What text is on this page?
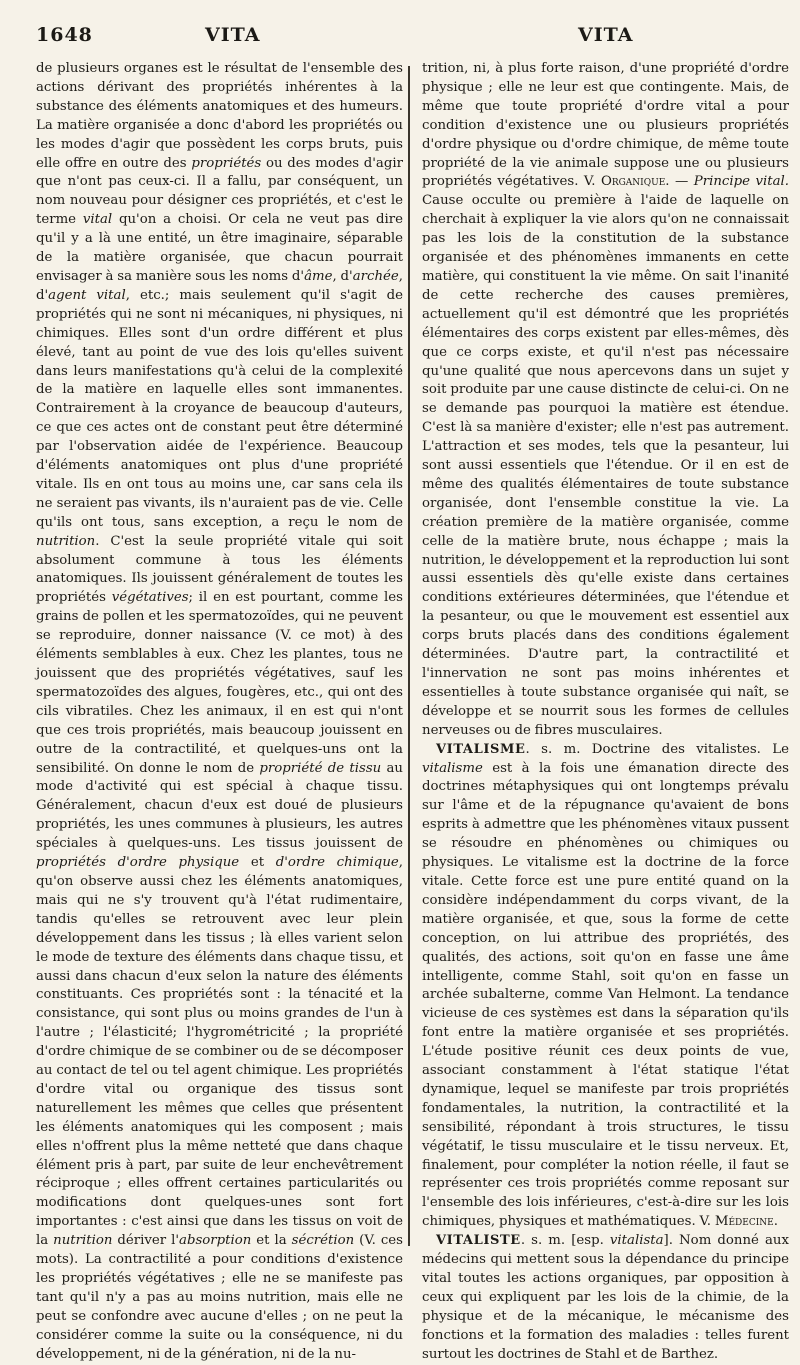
1648	VITA	VITA

de plusieurs organes est le résultat de l'ensemble des actions dérivant des propriétés inhérentes à la substance des éléments anatomiques et des humeurs. La matière organisée a donc d'abord les propriétés ou les modes d'agir que possèdent les corps bruts, puis elle offre en outre des propriétés ou des modes d'agir que n'ont pas ceux-ci. Il a fallu, par conséquent, un nom nouveau pour désigner ces propriétés, et c'est le terme vital qu'on a choisi. Or cela ne veut pas dire qu'il y a là une entité, un être imaginaire, séparable de la matière organisée, que chacun pourrait envisager à sa manière sous les noms d'âme, d'archée, d'agent vital, etc.; mais seulement qu'il s'agit de propriétés qui ne sont ni mécaniques, ni physiques, ni chimiques. Elles sont d'un ordre différent et plus élevé, tant au point de vue des lois qu'elles suivent dans leurs manifestations qu'à celui de la complexité de la matière en laquelle elles sont immanentes. Contrairement à la croyance de beaucoup d'auteurs, ce que ces actes ont de constant peut être déterminé par l'observation aidée de l'expérience. Beaucoup d'éléments anatomiques ont plus d'une propriété vitale. Ils en ont tous au moins une, car sans cela ils ne seraient pas vivants, ils n'auraient pas de vie. Celle qu'ils ont tous, sans exception, a reçu le nom de nutrition. C'est la seule propriété vitale qui soit absolument commune à tous les éléments anatomiques. Ils jouissent généralement de toutes les propriétés végétatives; il en est pourtant, comme les grains de pollen et les spermatozoïdes, qui ne peuvent se reproduire, donner naissance (V. ce mot) à des éléments semblables à eux. Chez les plantes, tous ne jouissent que des propriétés végétatives, sauf les spermatozoïdes des algues, fougères, etc., qui ont des cils vibratiles. Chez les animaux, il en est qui n'ont que ces trois propriétés, mais beaucoup jouissent en outre de la contractilité, et quelques-uns ont la sensibilité. On donne le nom de propriété de tissu au mode d'activité qui est spécial à chaque tissu. Généralement, chacun d'eux est doué de plusieurs propriétés, les unes communes à plusieurs, les autres spéciales à quelques-uns. Les tissus jouissent de propriétés d'ordre physique et d'ordre chimique, qu'on observe aussi chez les éléments anatomiques, mais qui ne s'y trouvent qu'à l'état rudimentaire, tandis qu'elles se retrouvent avec leur plein développement dans les tissus ; là elles varient selon le mode de texture des éléments dans chaque tissu, et aussi dans chacun d'eux selon la nature des éléments constituants. Ces propriétés sont : la ténacité et la consistance, qui sont plus ou moins grandes de l'un à l'autre ; l'élasticité; l'hygrométricité ; la propriété d'ordre chimique de se combiner ou de se décomposer au contact de tel ou tel agent chimique. Les propriétés d'ordre vital ou organique des tissus sont naturellement les mêmes que celles que présentent les éléments anatomiques qui les composent ; mais elles n'offrent plus la même netteté que dans chaque élément pris à part, par suite de leur enchevêtrement réciproque ; elles offrent certaines particularités ou modifications dont quelques-unes sont fort importantes : c'est ainsi que dans les tissus on voit de la nutrition dériver l'absorption et la sécrétion (V. ces mots). La contractilité a pour conditions d'existence les propriétés végétatives ; elle ne se manifeste pas tant qu'il n'y a pas au moins nutrition, mais elle ne peut se confondre avec aucune d'elles ; on ne peut la considérer comme la suite ou la conséquence, ni du développement, ni de la génération, ni de la nu-

trition, ni, à plus forte raison, d'une propriété d'ordre physique ; elle ne leur est que contingente. Mais, de même que toute propriété d'ordre vital a pour condition d'existence une ou plusieurs propriétés d'ordre physique ou d'ordre chimique, de même toute propriété de la vie animale suppose une ou plusieurs propriétés végétatives. V. Organique. — Principe vital. Cause occulte ou première à l'aide de laquelle on cherchait à expliquer la vie alors qu'on ne connaissait pas les lois de la constitution de la substance organisée et des phénomènes immanents en cette matière, qui constituent la vie même. On sait l'inanité de cette recherche des causes premières, actuellement qu'il est démontré que les propriétés élémentaires des corps existent par elles-mêmes, dès que ce corps existe, et qu'il n'est pas nécessaire qu'une qualité que nous apercevons dans un sujet y soit produite par une cause distincte de celui-ci. On ne se demande pas pourquoi la matière est étendue. C'est là sa manière d'exister; elle n'est pas autrement. L'attraction et ses modes, tels que la pesanteur, lui sont aussi essentiels que l'étendue. Or il en est de même des qualités élémentaires de toute substance organisée, dont l'ensemble constitue la vie. La création première de la matière organisée, comme celle de la matière brute, nous échappe ; mais la nutrition, le développement et la reproduction lui sont aussi essentiels dès qu'elle existe dans certaines conditions extérieures déterminées, que l'étendue et la pesanteur, ou que le mouvement est essentiel aux corps bruts placés dans des conditions également déterminées. D'autre part, la contractilité et l'innervation ne sont pas moins inhérentes et essentielles à toute substance organisée qui naît, se développe et se nourrit sous les formes de cellules nerveuses ou de fibres musculaires.

VITALISME. s. m. Doctrine des vitalistes. Le vitalisme est à la fois une émanation directe des doctrines métaphysiques qui ont longtemps prévalu sur l'âme et de la répugnance qu'avaient de bons esprits à admettre que les phénomènes vitaux pussent se résoudre en phénomènes ou chimiques ou physiques. Le vitalisme est la doctrine de la force vitale. Cette force est une pure entité quand on la considère indépendamment du corps vivant, de la matière organisée, et que, sous la forme de cette conception, on lui attribue des propriétés, des qualités, des actions, soit qu'on en fasse une âme intelligente, comme Stahl, soit qu'on en fasse un archée subalterne, comme Van Helmont. La tendance vicieuse de ces systèmes est dans la séparation qu'ils font entre la matière organisée et ses propriétés. L'étude positive réunit ces deux points de vue, associant constamment à l'état statique l'état dynamique, lequel se manifeste par trois propriétés fondamentales, la nutrition, la contractilité et la sensibilité, répondant à trois structures, le tissu végétatif, le tissu musculaire et le tissu nerveux. Et, finalement, pour compléter la notion réelle, il faut se représenter ces trois propriétés comme reposant sur l'ensemble des lois inférieures, c'est-à-dire sur les lois chimiques, physiques et mathématiques. V. Médecine.

VITALISTE. s. m. [esp. vitalista]. Nom donné aux médecins qui mettent sous la dépendance du principe vital toutes les actions organiques, par opposition à ceux qui expliquent par les lois de la chimie, de la physique et de la mécanique, le mécanisme des fonctions et la formation des maladies : telles furent surtout les doctrines de Stahl et de Barthez.
